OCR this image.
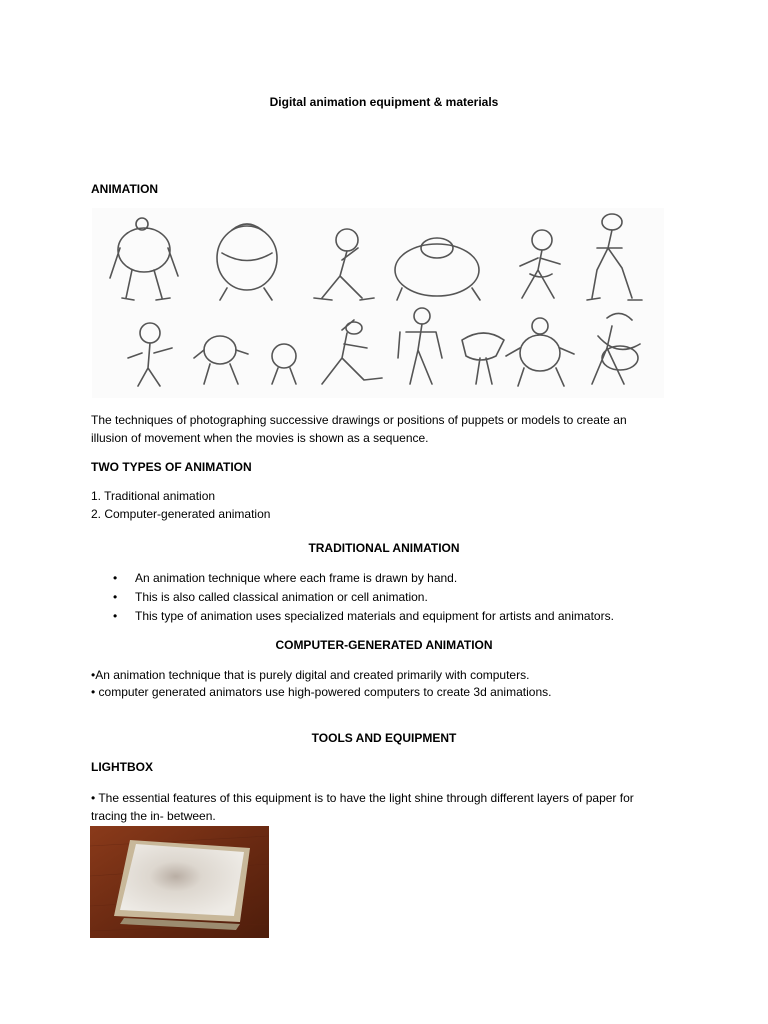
Digital animation equipment & materials
ANIMATION
The techniques of photographing successive drawings or positions of puppets or models to create an
illusion of movement when the movies is shown as a sequence.
TWO TYPES OF ANIMATION
1. Traditional animation
2. Computer-generated animation
TRADITIONAL ANIMATION
• An animation technique where each frame is drawn by hand.
• This is also called classical animation or cell animation.
• This type of animation uses specialized materials and equipment for artists and animators.
COMPUTER-GENERATED ANIMATION
•An animation technique that is purely digital and created primarily with computers.
• computer generated animators use high-powered computers to create 3d animations.
TOOLS AND EQUIPMENT
LIGHTBOX
• The essential features of this equipment is to have the light shine through different layers of paper for
tracing the in- between.
